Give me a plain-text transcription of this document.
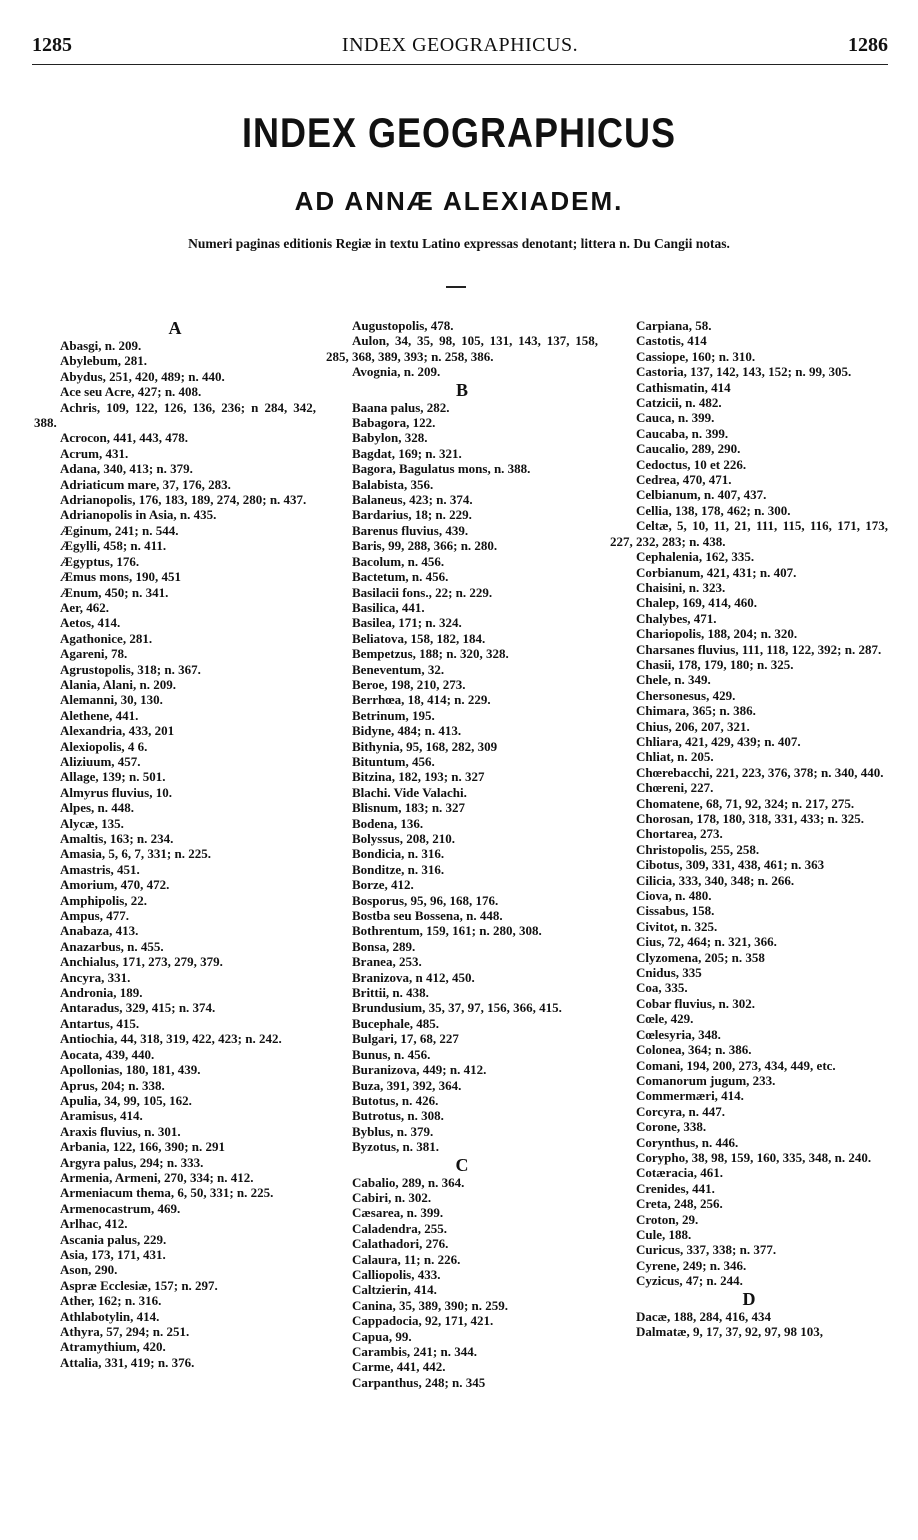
1285	INDEX GEOGRAPHICUS.	1286
INDEX GEOGRAPHICUS
AD ANNÆ ALEXIADEM.
Numeri paginas editionis Regiæ in textu Latino expressas denotant; littera n. Du Cangii notas.
A
Abasgi, n. 209.
Abylebum, 281.
Abydus, 251, 420, 489; n. 440.
Ace seu Acre, 427; n. 408.
Achris, 109, 122, 126, 136, 236; n 284, 342, 388.
Acrocon, 441, 443, 478.
Acrum, 431.
Adana, 340, 413; n. 379.
Adriaticum mare, 37, 176, 283.
Adrianopolis, 176, 183, 189, 274, 280; n. 437.
Adrianopolis in Asia, n. 435.
Æginum, 241; n. 544.
Ægylli, 458; n. 411.
Ægyptus, 176.
Æmus mons, 190, 451
Ænum, 450; n. 341.
Aer, 462.
Aetos, 414.
Agathonice, 281.
Agareni, 78.
Agrustopolis, 318; n. 367.
Alania, Alani, n. 209.
Alemanni, 30, 130.
Alethene, 441.
Alexandria, 433, 201
Alexiopolis, 4 6.
Aliziuum, 457.
Allage, 139; n. 501.
Almyrus fluvius, 10.
Alpes, n. 448.
Alycæ, 135.
Amaltis, 163; n. 234.
Amasia, 5, 6, 7, 331; n. 225.
Amastris, 451.
Amorium, 470, 472.
Amphipolis, 22.
Ampus, 477.
Anabaza, 413.
Anazarbus, n. 455.
Anchialus, 171, 273, 279, 379.
Ancyra, 331.
Andronia, 189.
Antaradus, 329, 415; n. 374.
Antartus, 415.
Antiochia, 44, 318, 319, 422, 423; n. 242.
Aocata, 439, 440.
Apollonias, 180, 181, 439.
Aprus, 204; n. 338.
Apulia, 34, 99, 105, 162.
Aramisus, 414.
Araxis fluvius, n. 301.
Arbania, 122, 166, 390; n. 291
Argyra palus, 294; n. 333.
Armenia, Armeni, 270, 334; n. 412.
Armeniacum thema, 6, 50, 331; n. 225.
Armenocastrum, 469.
Arlhac, 412.
Ascania palus, 229.
Asia, 173, 171, 431.
Ason, 290.
Aspræ Ecclesiæ, 157; n. 297.
Ather, 162; n. 316.
Athlabotylin, 414.
Athyra, 57, 294; n. 251.
Atramythium, 420.
Attalia, 331, 419; n. 376.
Augustopolis, 478.
Aulon, 34, 35, 98, 105, 131, 143, 137, 158, 285, 368, 389, 393; n. 258, 386.
Avognia, n. 209.
B
Baana palus, 282.
Babagora, 122.
Babylon, 328.
Bagdat, 169; n. 321.
Bagora, Bagulatus mons, n. 388.
Balabista, 356.
Balaneus, 423; n. 374.
Bardarius, 18; n. 229.
Barenus fluvius, 439.
Baris, 99, 288, 366; n. 280.
Bacolum, n. 456.
Bactetum, n. 456.
Basilacii fons., 22; n. 229.
Basilica, 441.
Basilea, 171; n. 324.
Beliatova, 158, 182, 184.
Bempetzus, 188; n. 320, 328.
Beneventum, 32.
Beroe, 198, 210, 273.
Berrhœa, 18, 414; n. 229.
Betrinum, 195.
Bidyne, 484; n. 413.
Bithynia, 95, 168, 282, 309
Bituntum, 456.
Bitzina, 182, 193; n. 327
Blachi. Vide Valachi.
Blisnum, 183; n. 327
Bodena, 136.
Bolyssus, 208, 210.
Bondicia, n. 316.
Bonditze, n. 316.
Borze, 412.
Bosporus, 95, 96, 168, 176.
Bostba seu Bossena, n. 448.
Bothrentum, 159, 161; n. 280, 308.
Bonsa, 289.
Branea, 253.
Branizova, n 412, 450.
Brittii, n. 438.
Brundusium, 35, 37, 97, 156, 366, 415.
Bucephale, 485.
Bulgari, 17, 68, 227
Bunus, n. 456.
Buranizova, 449; n. 412.
Buza, 391, 392, 364.
Butotus, n. 426.
Butrotus, n. 308.
Byblus, n. 379.
Byzotus, n. 381.
C
Cabalio, 289, n. 364.
Cabiri, n. 302.
Cæsarea, n. 399.
Caladendra, 255.
Calathadori, 276.
Calaura, 11; n. 226.
Calliopolis, 433.
Caltzierin, 414.
Canina, 35, 389, 390; n. 259.
Cappadocia, 92, 171, 421.
Capua, 99.
Carambis, 241; n. 344.
Carme, 441, 442.
Carpanthus, 248; n. 345
Carpiana, 58.
Castotis, 414
Cassiope, 160; n. 310.
Castoria, 137, 142, 143, 152; n. 99, 305.
Cathismatin, 414
Catzicii, n. 482.
Cauca, n. 399.
Caucaba, n. 399.
Caucalio, 289, 290.
Cedoctus, 10 et 226.
Cedrea, 470, 471.
Celbianum, n. 407, 437.
Cellia, 138, 178, 462; n. 300.
Celtæ, 5, 10, 11, 21, 111, 115, 116, 171, 173, 227, 232, 283; n. 438.
Cephalenia, 162, 335.
Corbianum, 421, 431; n. 407.
Chaisini, n. 323.
Chalep, 169, 414, 460.
Chalybes, 471.
Chariopolis, 188, 204; n. 320.
Charsanes fluvius, 111, 118, 122, 392; n. 287.
Chasii, 178, 179, 180; n. 325.
Chele, n. 349.
Chersonesus, 429.
Chimara, 365; n. 386.
Chius, 206, 207, 321.
Chliara, 421, 429, 439; n. 407.
Chliat, n. 205.
Chœrebacchi, 221, 223, 376, 378; n. 340, 440.
Chœreni, 227.
Chomatene, 68, 71, 92, 324; n. 217, 275.
Chorosan, 178, 180, 318, 331, 433; n. 325.
Chortarea, 273.
Christopolis, 255, 258.
Cibotus, 309, 331, 438, 461; n. 363
Cilicia, 333, 340, 348; n. 266.
Ciova, n. 480.
Cissabus, 158.
Civitot, n. 325.
Cius, 72, 464; n. 321, 366.
Clyzomena, 205; n. 358
Cnidus, 335
Coa, 335.
Cobar fluvius, n. 302.
Cœle, 429.
Cœlesyria, 348.
Colonea, 364; n. 386.
Comani, 194, 200, 273, 434, 449, etc.
Comanorum jugum, 233.
Commermæri, 414.
Corcyra, n. 447.
Corone, 338.
Corynthus, n. 446.
Corypho, 38, 98, 159, 160, 335, 348, n. 240.
Cotæracia, 461.
Crenides, 441.
Creta, 248, 256.
Croton, 29.
Cule, 188.
Curicus, 337, 338; n. 377.
Cyrene, 249; n. 346.
Cyzicus, 47; n. 244.
D
Dacæ, 188, 284, 416, 434
Dalmatæ, 9, 17, 37, 92, 97, 98 103,
